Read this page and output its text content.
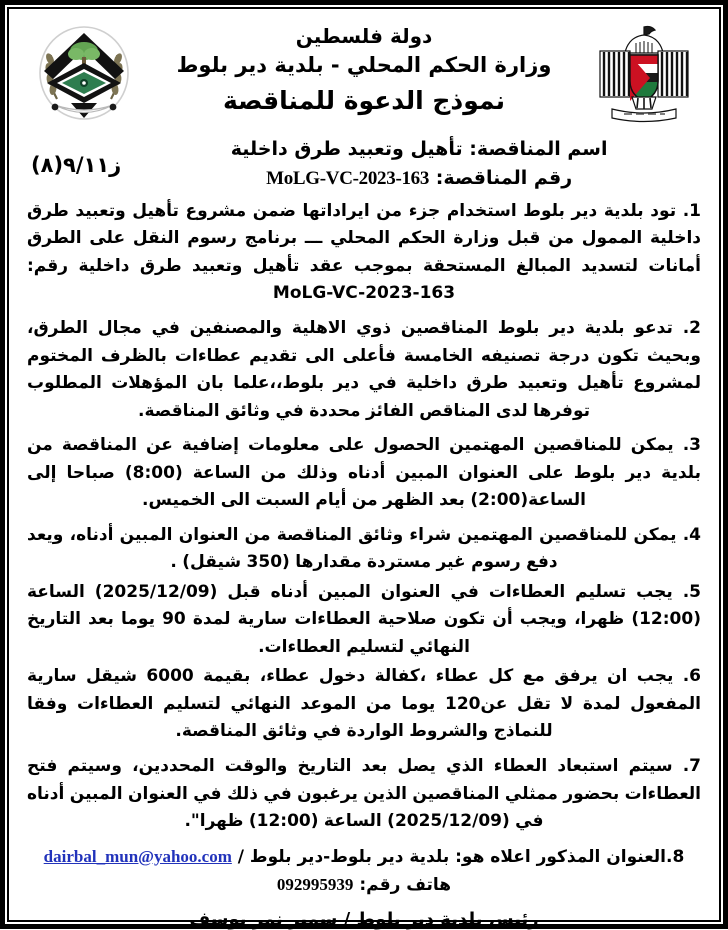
دولة فلسطين
وزارة الحكم المحلي - بلدية دير بلوط
نموذج الدعوة للمناقصة
اسم المناقصة: تأهيل وتعبيد طرق داخلية
رقم المناقصة: MoLG-VC-2023-163
ز٩/١١(٨)

1. تود بلدية دير بلوط استخدام جزء من ايراداتها ضمن مشروع تأهيل وتعبيد طرق داخلية الممول من قبل وزارة الحكم المحلي ـــ برنامج رسوم النقل على الطرق أمانات لتسديد المبالغ المستحقة بموجب عقد تأهيل وتعبيد طرق داخلية رقم: MoLG-VC-2023-163

2. تدعو بلدية دير بلوط المناقصين ذوي الاهلية والمصنفين في مجال الطرق، وبحيث تكون درجة تصنيفه الخامسة فأعلى الى تقديم عطاءات بالظرف المختوم لمشروع تأهيل وتعبيد طرق داخلية في دير بلوط،،علما بان المؤهلات المطلوب توفرها لدى المناقص الفائز محددة في وثائق المناقصة.

3. يمكن للمناقصين المهتمين الحصول على معلومات إضافية عن المناقصة من بلدية دير بلوط على العنوان المبين أدناه وذلك من الساعة (8:00) صباحا إلى الساعة(2:00) بعد الظهر من أيام السبت الى الخميس.

4. يمكن للمناقصين المهتمين شراء وثائق المناقصة من العنوان المبين أدناه، ويعد دفع رسوم غير مستردة مقدارها (350 شيقل) .

5. يجب تسليم العطاءات في العنوان المبين أدناه قبل (2025/12/09) الساعة (12:00) ظهرا، ويجب أن تكون صلاحية العطاءات سارية لمدة 90 يوما بعد التاريخ النهائي لتسليم العطاءات.

6. يجب ان يرفق مع كل عطاء ،كفالة دخول عطاء، بقيمة 6000 شيقل سارية المفعول لمدة لا تقل عن120 يوما من الموعد النهائي لتسليم العطاءات وفقا للنماذج والشروط الواردة في وثائق المناقصة.

7. سيتم استبعاد العطاء الذي يصل بعد التاريخ والوقت المحددين، وسيتم فتح العطاءات بحضور ممثلي المناقصين الذين يرغبون في ذلك في العنوان المبين أدناه في (2025/12/09) الساعة (12:00) ظهرا".

8.العنوان المذكور اعلاه هو: بلدية دير بلوط-دير بلوط / dairbal_mun@yahoo.com
هاتف رقم: 092995939
رئيس بلدية دير بلوط / سمير نمر يوسف
